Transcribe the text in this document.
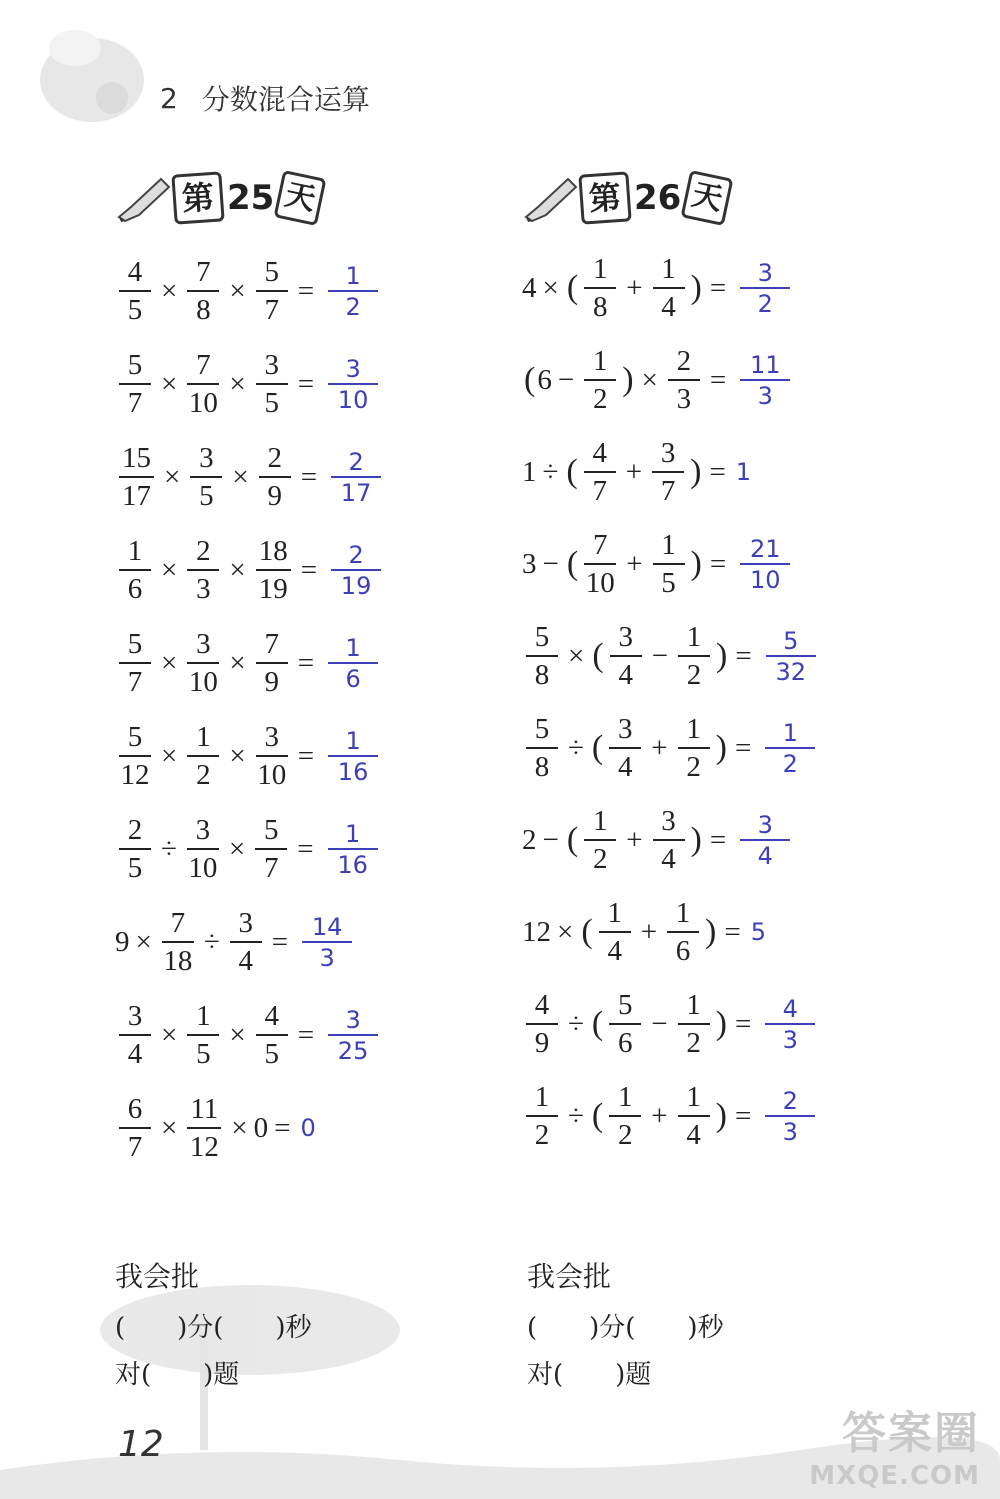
2 分数混合运算
第 25 天	第 26 天
$\frac{4}{5} \times \frac{7}{8} \times \frac{5}{7} = \frac{1}{2}$
$\frac{5}{7} \times \frac{7}{10} \times \frac{3}{5} = \frac{3}{10}$
$\frac{15}{17} \times \frac{3}{5} \times \frac{2}{9} = \frac{2}{17}$
$\frac{1}{6} \times \frac{2}{3} \times \frac{18}{19} = \frac{2}{19}$
$\frac{5}{7} \times \frac{3}{10} \times \frac{7}{9} = \frac{1}{6}$
$\frac{5}{12} \times \frac{1}{2} \times \frac{3}{10} = \frac{1}{16}$
$\frac{2}{5} \div \frac{3}{10} \times \frac{5}{7} = \frac{1}{16}$
$9 \times \frac{7}{18} \div \frac{3}{4} = \frac{14}{3}$
$\frac{3}{4} \times \frac{1}{5} \times \frac{4}{5} = \frac{3}{25}$
$\frac{6}{7} \times \frac{11}{12} \times 0 = 0$
4 × ( $\frac{1}{8} + \frac{1}{4}$ ) = $\frac{3}{2}$
( $6 - \frac{1}{2}$ ) × $\frac{2}{3} = \frac{11}{3}$
1 ÷ ( $\frac{4}{7} + \frac{3}{7}$ ) = 1
3 − ( $\frac{7}{10} + \frac{1}{5}$ ) = $\frac{21}{10}$
$\frac{5}{8}$ × ( $\frac{3}{4} - \frac{1}{2}$ ) = $\frac{5}{32}$
$\frac{5}{8}$ ÷ ( $\frac{3}{4} + \frac{1}{2}$ ) = $\frac{1}{2}$
2 − ( $\frac{1}{2} + \frac{3}{4}$ ) = $\frac{3}{4}$
12 × ( $\frac{1}{4} + \frac{1}{6}$ ) = 5
$\frac{4}{9}$ ÷ ( $\frac{5}{6} - \frac{1}{2}$ ) = $\frac{4}{3}$
$\frac{1}{2}$ ÷ ( $\frac{1}{2} + \frac{1}{4}$ ) = $\frac{2}{3}$
我会批
(　　)分(　　)秒
对(　　)题
我会批
(　　)分(　　)秒
对(　　)题
12	答案圈
MXQE.COM
